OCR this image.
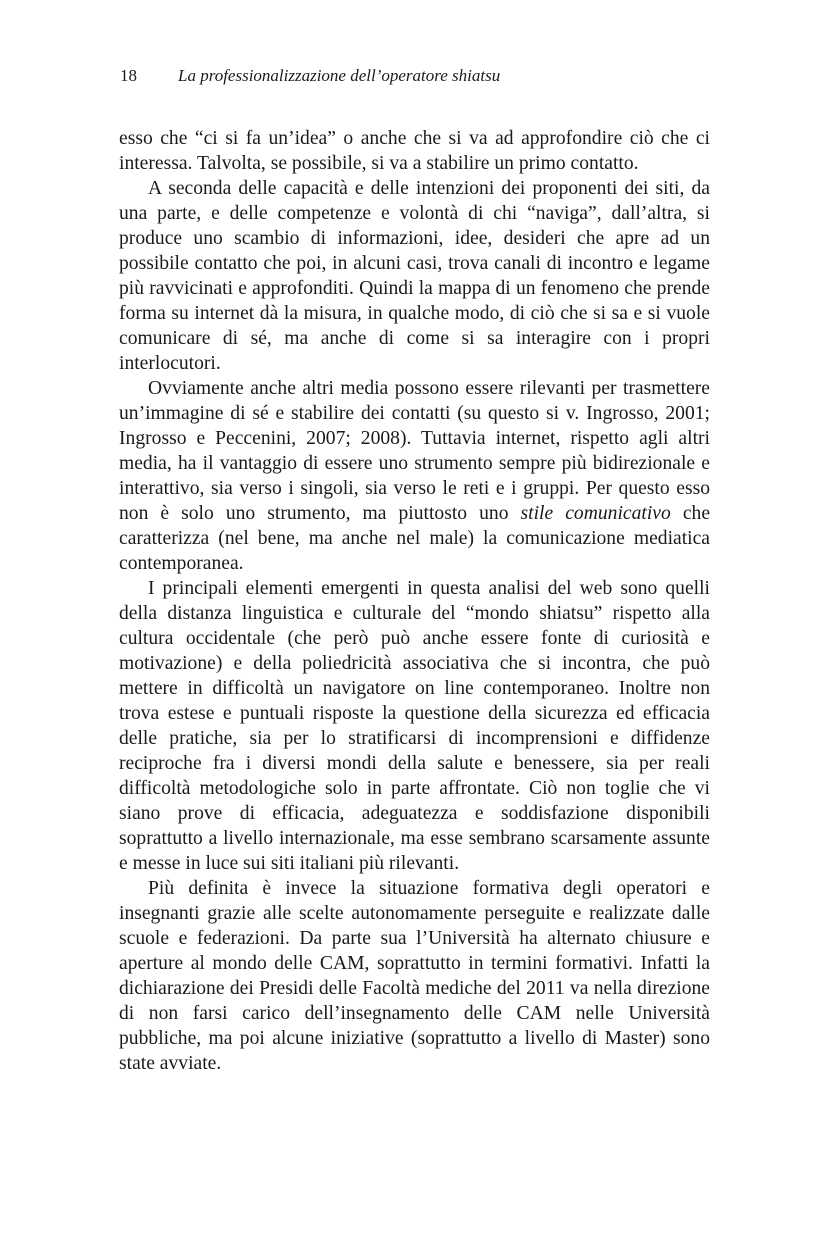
18 La professionalizzazione dell’operatore shiatsu

esso che “ci si fa un’idea” o anche che si va ad approfondire ciò che ci interessa. Talvolta, se possibile, si va a stabilire un primo contatto.

A seconda delle capacità e delle intenzioni dei proponenti dei siti, da una parte, e delle competenze e volontà di chi “naviga”, dall’altra, si produce uno scambio di informazioni, idee, desideri che apre ad un possibile contatto che poi, in alcuni casi, trova canali di incontro e legame più ravvicinati e approfonditi. Quindi la mappa di un fenomeno che prende forma su internet dà la misura, in qualche modo, di ciò che si sa e si vuole comunicare di sé, ma anche di come si sa interagire con i propri interlocutori.

Ovviamente anche altri media possono essere rilevanti per trasmettere un’immagine di sé e stabilire dei contatti (su questo si v. Ingrosso, 2001; Ingrosso e Peccenini, 2007; 2008). Tuttavia internet, rispetto agli altri media, ha il vantaggio di essere uno strumento sempre più bidirezionale e interattivo, sia verso i singoli, sia verso le reti e i gruppi. Per questo esso non è solo uno strumento, ma piuttosto uno stile comunicativo che caratterizza (nel bene, ma anche nel male) la comunicazione mediatica contemporanea.

I principali elementi emergenti in questa analisi del web sono quelli della distanza linguistica e culturale del “mondo shiatsu” rispetto alla cultura occidentale (che però può anche essere fonte di curiosità e motivazione) e della poliedricità associativa che si incontra, che può mettere in difficoltà un navigatore on line contemporaneo. Inoltre non trova estese e puntuali risposte la questione della sicurezza ed efficacia delle pratiche, sia per lo stratificarsi di incomprensioni e diffidenze reciproche fra i diversi mondi della salute e benessere, sia per reali difficoltà metodologiche solo in parte affrontate. Ciò non toglie che vi siano prove di efficacia, adeguatezza e soddisfazione disponibili soprattutto a livello internazionale, ma esse sembrano scarsamente assunte e messe in luce sui siti italiani più rilevanti.

Più definita è invece la situazione formativa degli operatori e insegnanti grazie alle scelte autonomamente perseguite e realizzate dalle scuole e federazioni. Da parte sua l’Università ha alternato chiusure e aperture al mondo delle CAM, soprattutto in termini formativi. Infatti la dichiarazione dei Presidi delle Facoltà mediche del 2011 va nella direzione di non farsi carico dell’insegnamento delle CAM nelle Università pubbliche, ma poi alcune iniziative (soprattutto a livello di Master) sono state avviate.
